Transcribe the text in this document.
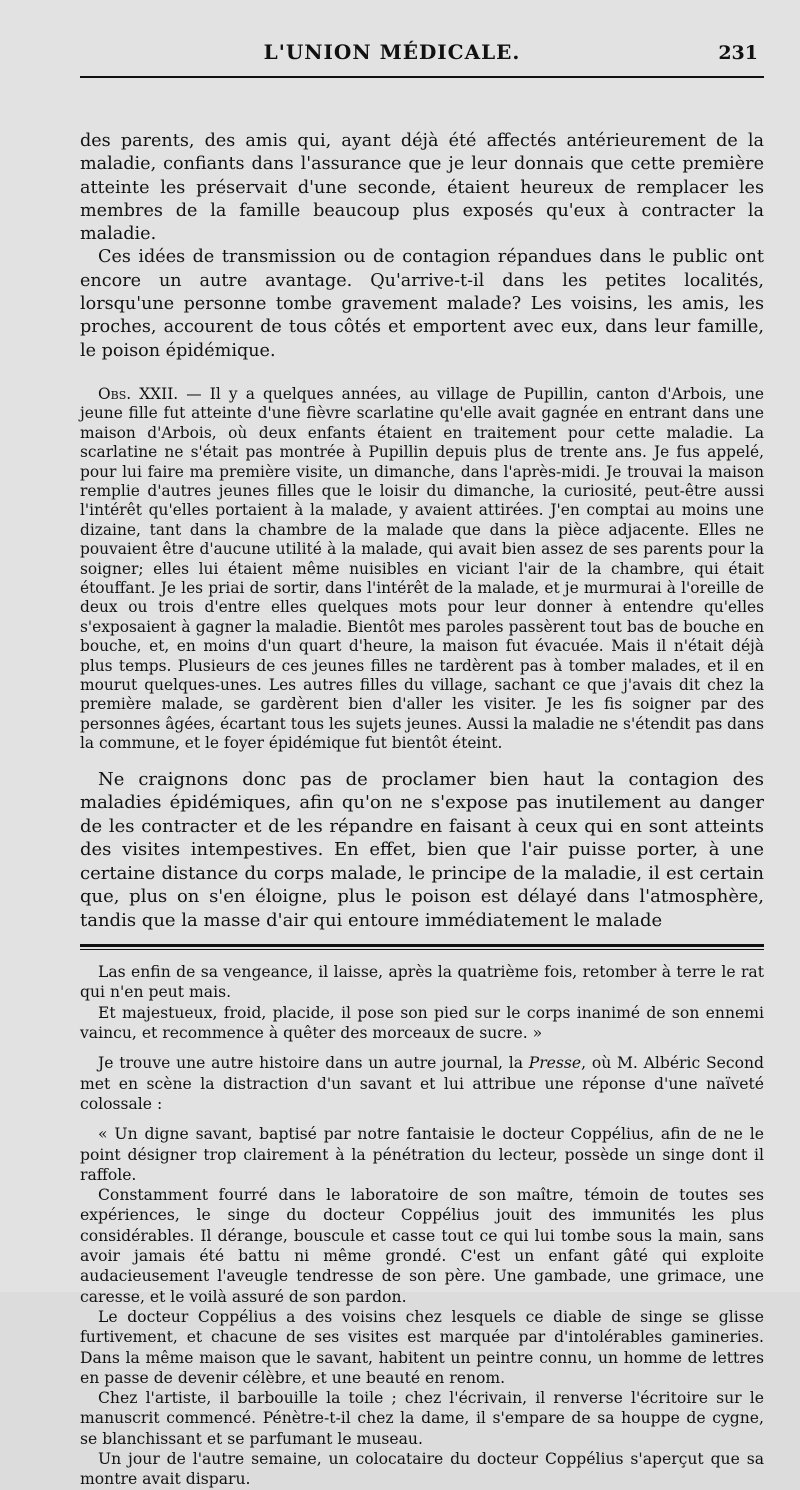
L'UNION MÉDICALE.	231

des parents, des amis qui, ayant déjà été affectés antérieurement de la maladie, confiants dans l'assurance que je leur donnais que cette première atteinte les préservait d'une seconde, étaient heureux de remplacer les membres de la famille beaucoup plus exposés qu'eux à contracter la maladie.

Ces idées de transmission ou de contagion répandues dans le public ont encore un autre avantage. Qu'arrive-t-il dans les petites localités, lorsqu'une personne tombe gravement malade? Les voisins, les amis, les proches, accourent de tous côtés et emportent avec eux, dans leur famille, le poison épidémique.

Obs. XXII. — Il y a quelques années, au village de Pupillin, canton d'Arbois, une jeune fille fut atteinte d'une fièvre scarlatine qu'elle avait gagnée en entrant dans une maison d'Arbois, où deux enfants étaient en traitement pour cette maladie. La scarlatine ne s'était pas montrée à Pupillin depuis plus de trente ans. Je fus appelé, pour lui faire ma première visite, un dimanche, dans l'après-midi. Je trouvai la maison remplie d'autres jeunes filles que le loisir du dimanche, la curiosité, peut-être aussi l'intérêt qu'elles portaient à la malade, y avaient attirées. J'en comptai au moins une dizaine, tant dans la chambre de la malade que dans la pièce adjacente. Elles ne pouvaient être d'aucune utilité à la malade, qui avait bien assez de ses parents pour la soigner; elles lui étaient même nuisibles en viciant l'air de la chambre, qui était étouffant. Je les priai de sortir, dans l'intérêt de la malade, et je murmurai à l'oreille de deux ou trois d'entre elles quelques mots pour leur donner à entendre qu'elles s'exposaient à gagner la maladie. Bientôt mes paroles passèrent tout bas de bouche en bouche, et, en moins d'un quart d'heure, la maison fut évacuée. Mais il n'était déjà plus temps. Plusieurs de ces jeunes filles ne tardèrent pas à tomber malades, et il en mourut quelques-unes. Les autres filles du village, sachant ce que j'avais dit chez la première malade, se gardèrent bien d'aller les visiter. Je les fis soigner par des personnes âgées, écartant tous les sujets jeunes. Aussi la maladie ne s'étendit pas dans la commune, et le foyer épidémique fut bientôt éteint.

Ne craignons donc pas de proclamer bien haut la contagion des maladies épidémiques, afin qu'on ne s'expose pas inutilement au danger de les contracter et de les répandre en faisant à ceux qui en sont atteints des visites intempestives. En effet, bien que l'air puisse porter, à une certaine distance du corps malade, le principe de la maladie, il est certain que, plus on s'en éloigne, plus le poison est délayé dans l'atmosphère, tandis que la masse d'air qui entoure immédiatement le malade

Las enfin de sa vengeance, il laisse, après la quatrième fois, retomber à terre le rat qui n'en peut mais.

Et majestueux, froid, placide, il pose son pied sur le corps inanimé de son ennemi vaincu, et recommence à quêter des morceaux de sucre. »

Je trouve une autre histoire dans un autre journal, la Presse, où M. Albéric Second met en scène la distraction d'un savant et lui attribue une réponse d'une naïveté colossale :

« Un digne savant, baptisé par notre fantaisie le docteur Coppélius, afin de ne le point désigner trop clairement à la pénétration du lecteur, possède un singe dont il raffole.

Constamment fourré dans le laboratoire de son maître, témoin de toutes ses expériences, le singe du docteur Coppélius jouit des immunités les plus considérables. Il dérange, bouscule et casse tout ce qui lui tombe sous la main, sans avoir jamais été battu ni même grondé. C'est un enfant gâté qui exploite audacieusement l'aveugle tendresse de son père. Une gambade, une grimace, une caresse, et le voilà assuré de son pardon.

Le docteur Coppélius a des voisins chez lesquels ce diable de singe se glisse furtivement, et chacune de ses visites est marquée par d'intolérables gamineries. Dans la même maison que le savant, habitent un peintre connu, un homme de lettres en passe de devenir célèbre, et une beauté en renom.

Chez l'artiste, il barbouille la toile ; chez l'écrivain, il renverse l'écritoire sur le manuscrit commencé. Pénètre-t-il chez la dame, il s'empare de sa houppe de cygne, se blanchissant et se parfumant le museau.

Un jour de l'autre semaine, un colocataire du docteur Coppélius s'aperçut que sa montre avait disparu.
